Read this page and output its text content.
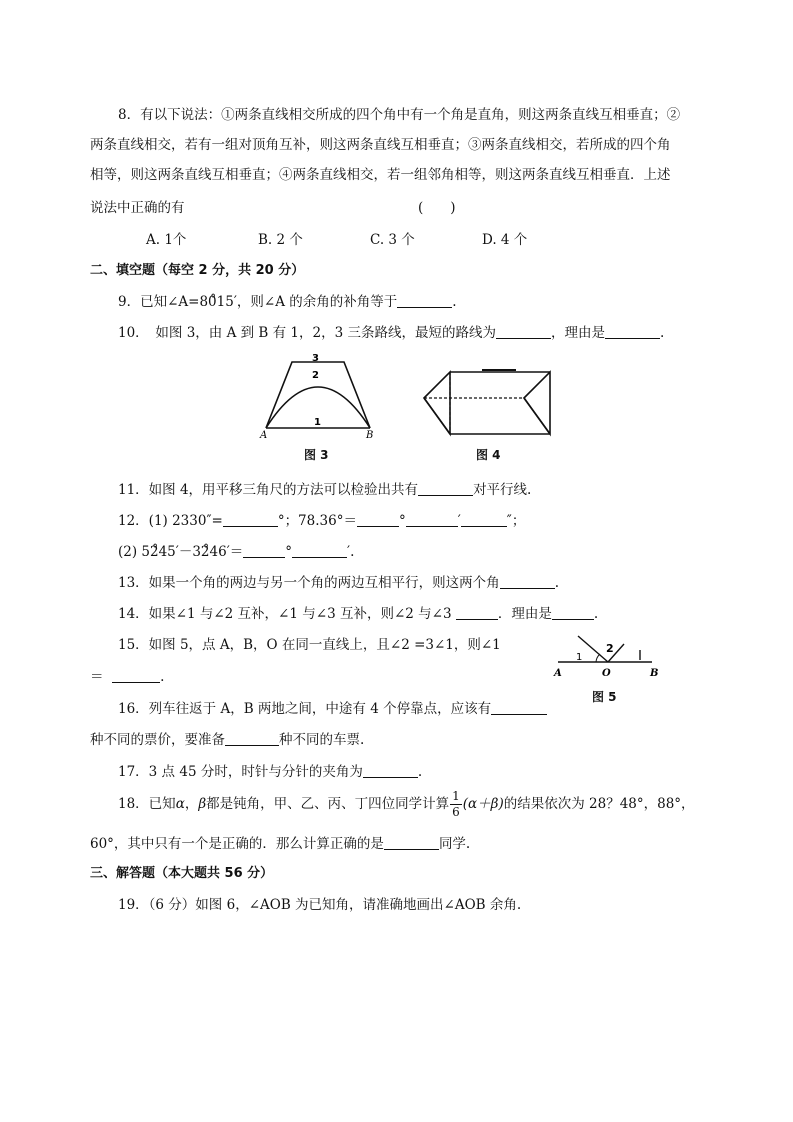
8．有以下说法：①两条直线相交所成的四个角中有一个角是直角，则这两条直线互相垂直；②
两条直线相交，若有一组对顶角互补，则这两条直线互相垂直；③两条直线相交，若所成的四个角
相等，则这两条直线互相垂直；④两条直线相交，若一组邻角相等，则这两条直线互相垂直．上述
说法中正确的有	(　　)
A. 1个	B. 2 个	C. 3 个	D. 4 个
二、填空题（每空 2 分，共 20 分）
9．已知∠A=80̊15′，则∠A 的余角的补角等于	.
10．　如图 3，由 A 到 B 有 1，2，3 三条路线，最短的路线为	，理由是	.
3
2
1
A	B
图 3	图 4
11．如图 4，用平移三角尺的方法可以检验出共有	对平行线.
12．(1) 2330″=	°；78.36°＝	°	′	″；
(2) 52̊45′－32̊46′＝	°	′.
13．如果一个角的两边与另一个角的两边互相平行，则这两个角	.
14．如果∠1 与∠2 互补，∠1 与∠3 互补，则∠2 与∠3	．理由是	.
15．如图 5，点 A，B，O 在同一直线上，且∠2 =3∠1，则∠1
＝	.
1
2
A	O	B
图 5
16．列车往返于 A，B 两地之间，中途有 4 个停靠点，应该有
种不同的票价，要准备	种不同的车票.
17．3 点 45 分时，时针与分针的夹角为	.
18．已知α，β都是钝角，甲、乙、丙、丁四位同学计算 $\frac{1}{6} (\alpha+\beta)$的结果依次为 28？48°，88°，
60°，其中只有一个是正确的．那么计算正确的是	同学.
三、解答题（本大题共 56 分）
19．（6 分）如图 6，∠AOB 为已知角，请准确地画出∠AOB 余角.
